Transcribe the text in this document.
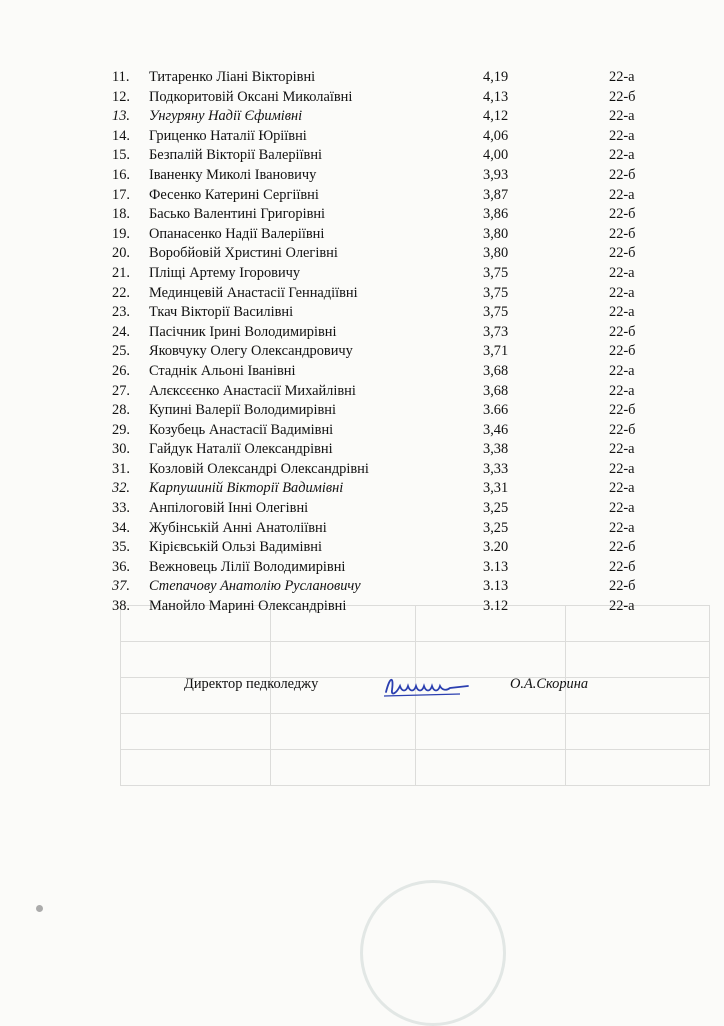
11.	Титаренко Ліані Вікторівні	4,19	22-а
12.	Подкоритовій Оксані Миколаївні	4,13	22-б
13.	Унгуряну Надії Єфимівні	4,12	22-а
14.	Гриценко Наталії Юріївні	4,06	22-а
15.	Безпалій Вікторії Валеріївні	4,00	22-а
16.	Іваненку Миколі Івановичу	3,93	22-б
17.	Фесенко Катерині Сергіївні	3,87	22-а
18.	Басько Валентині Григорівні	3,86	22-б
19.	Опанасенко Надії Валеріївні	3,80	22-б
20.	Воробйовій Христині Олегівні	3,80	22-б
21.	Пліщі Артему Ігоровичу	3,75	22-а
22.	Мединцевій Анастасії Геннадіївні	3,75	22-а
23.	Ткач Вікторії Василівні	3,75	22-а
24.	Пасічник Ірині Володимирівні	3,73	22-б
25.	Яковчуку Олегу Олександровичу	3,71	22-б
26.	Стаднік Альоні Іванівні	3,68	22-а
27.	Алєксєєнко Анастасії Михайлівні	3,68	22-а
28.	Купині Валерії Володимирівні	3.66	22-б
29.	Козубець Анастасії Вадимівні	3,46	22-б
30.	Гайдук Наталії Олександрівні	3,38	22-а
31.	Козловій Олександрі Олександрівні	3,33	22-а
32.	Карпушиній Вікторії Вадимівні	3,31	22-а
33.	Анпілоговій Інні Олегівні	3,25	22-а
34.	Жубінській Анні Анатоліївні	3,25	22-а
35.	Кірієвській Ользі Вадимівні	3.20	22-б
36.	Вежновець Лілії Володимирівні	3.13	22-б
37.	Степачову Анатолію Руслановичу	3.13	22-б
38.	Манойло Марині Олександрівні	3.12	22-а
Директор педколеджу	О.А.Скорина
